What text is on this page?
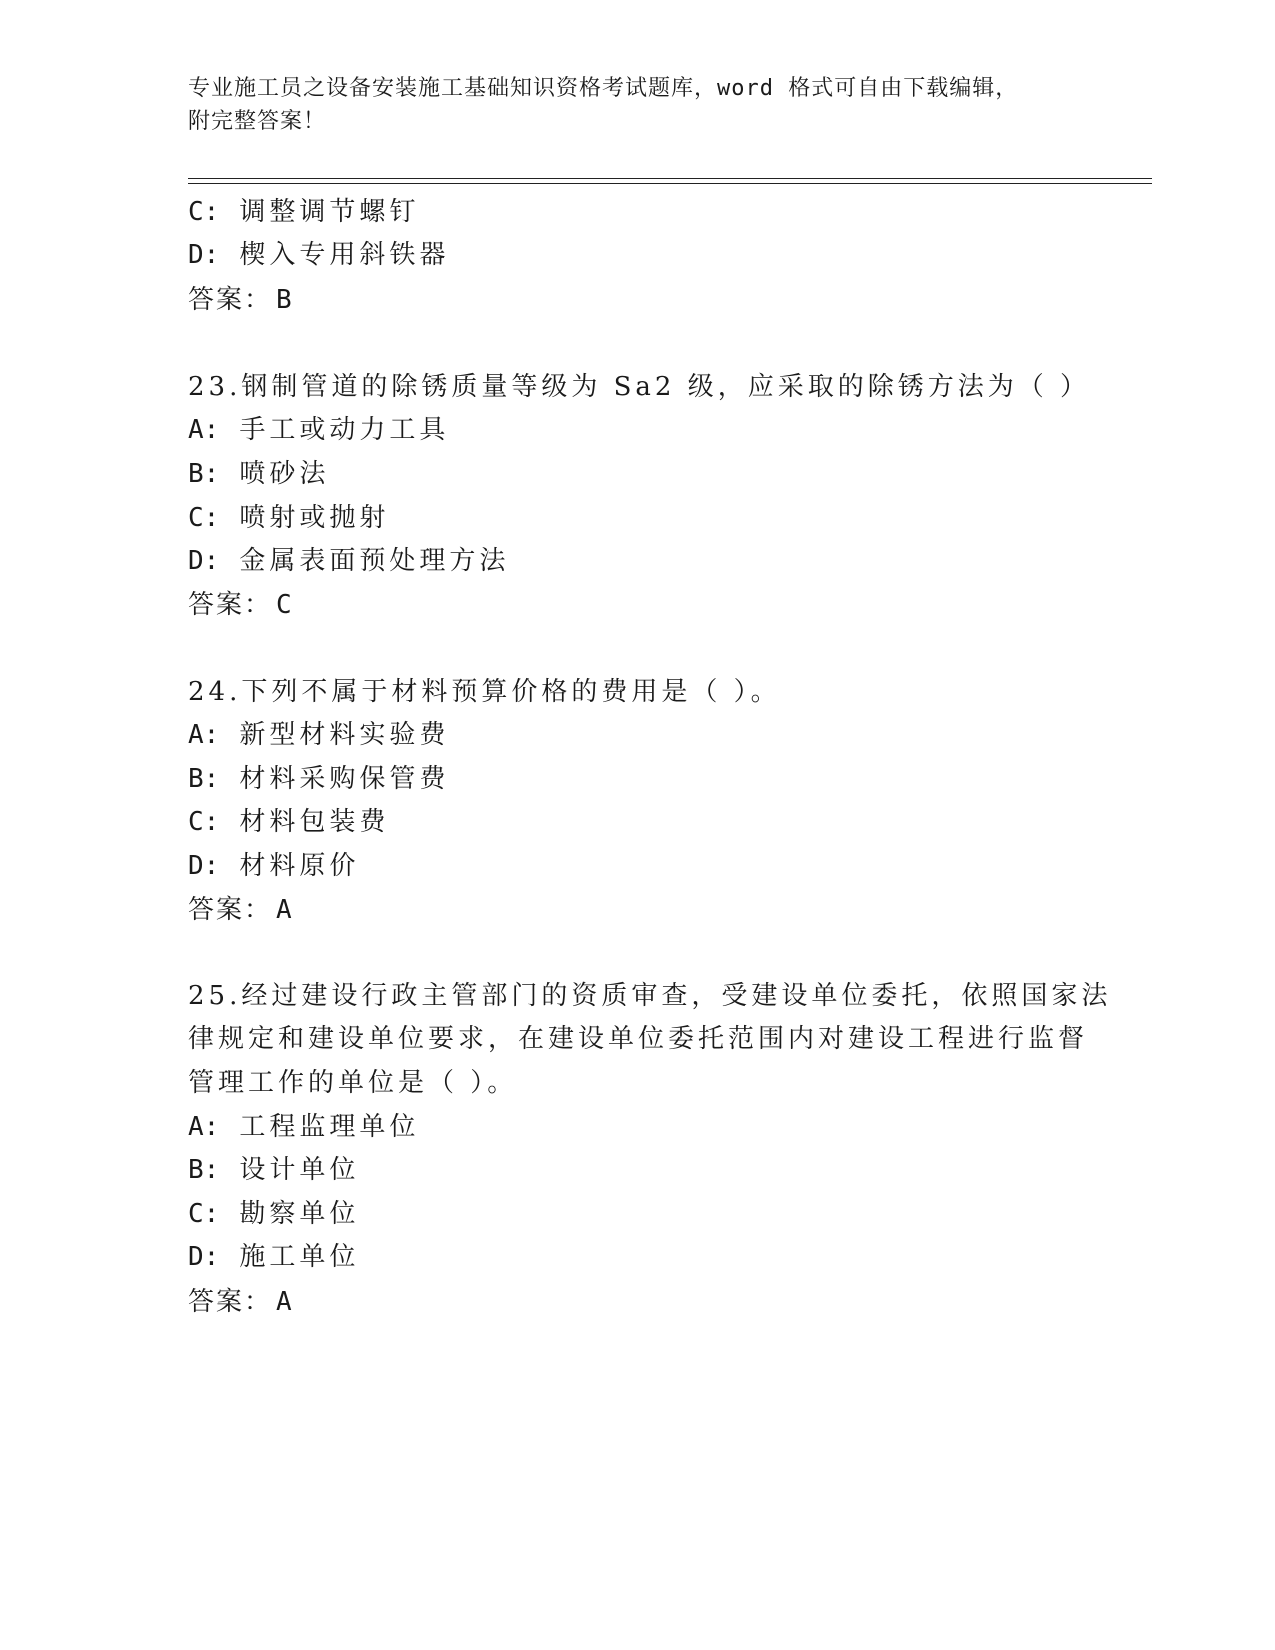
专业施工员之设备安装施工基础知识资格考试题库，word 格式可自由下载编辑，
附完整答案！
C: 调整调节螺钉
D: 楔入专用斜铁器
答案： B
23.钢制管道的除锈质量等级为 Sa2 级，应采取的除锈方法为（ ）
A: 手工或动力工具
B: 喷砂法
C: 喷射或抛射
D: 金属表面预处理方法
答案： C
24.下列不属于材料预算价格的费用是（ ）。
A: 新型材料实验费
B: 材料采购保管费
C: 材料包装费
D: 材料原价
答案： A
25.经过建设行政主管部门的资质审查，受建设单位委托，依照国家法
律规定和建设单位要求，在建设单位委托范围内对建设工程进行监督
管理工作的单位是（ ）。
A: 工程监理单位
B: 设计单位
C: 勘察单位
D: 施工单位
答案： A
